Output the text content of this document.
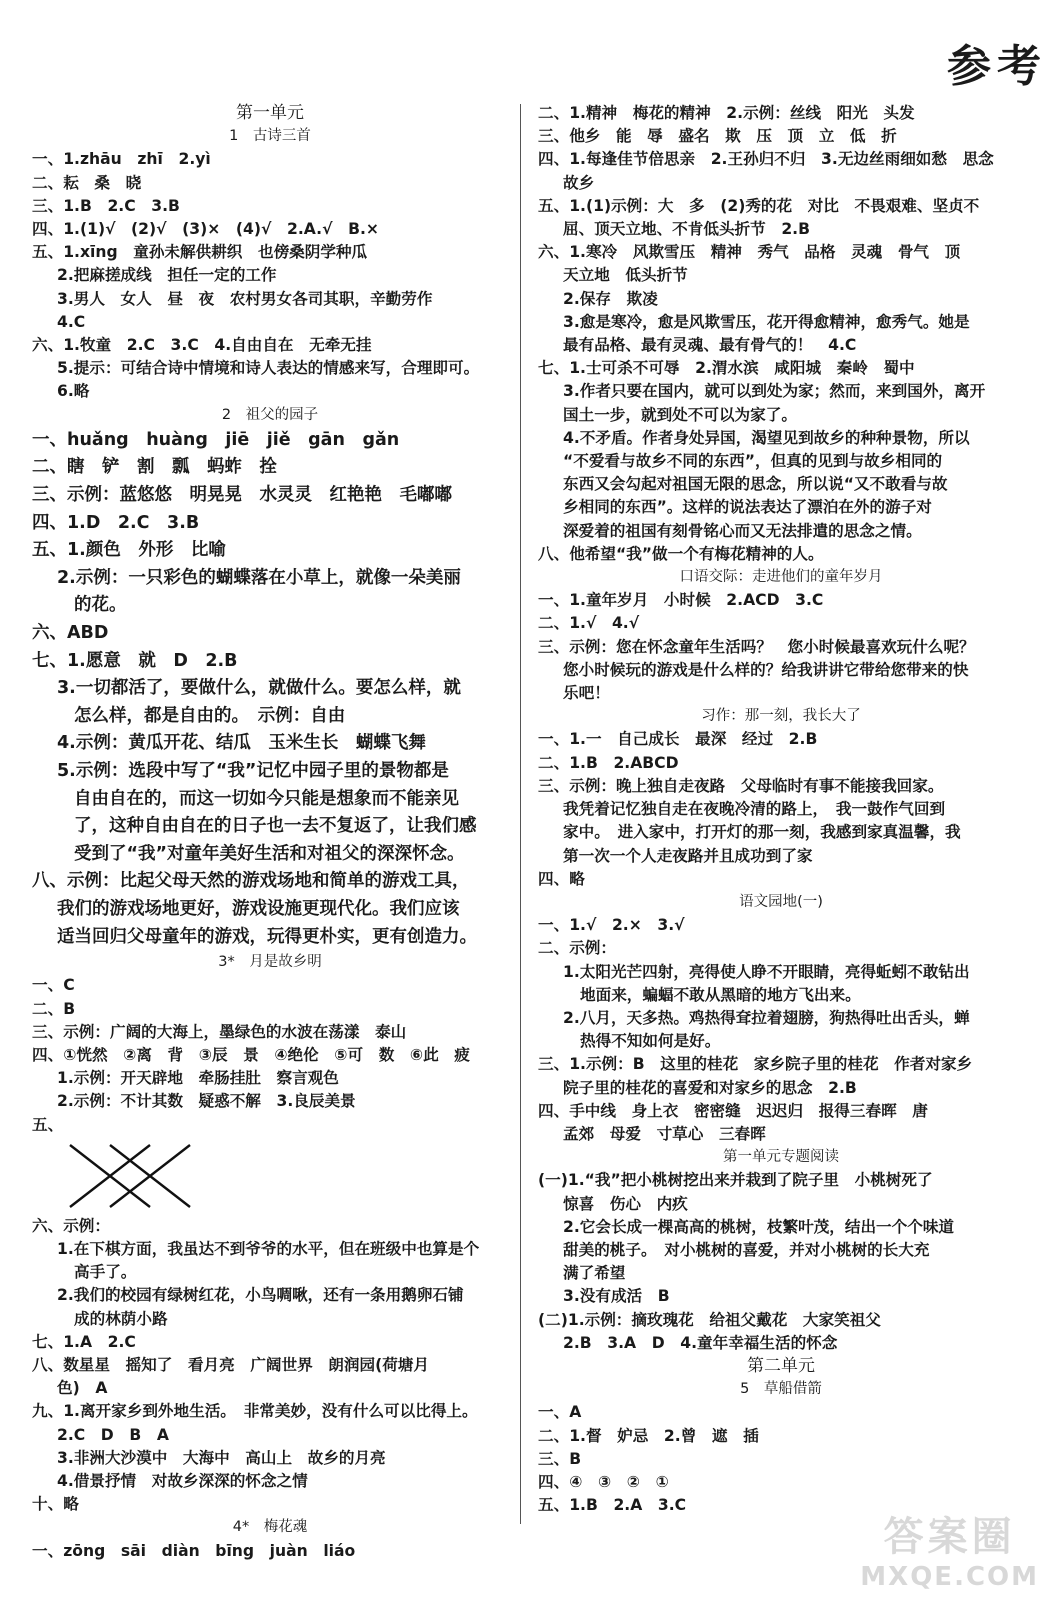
参考
第一单元
1　古诗三首
一、1.zhāu　zhī　2.yì
二、耘　桑　晓
三、1.B　2.C　3.B
四、1.(1)√　(2)√　(3)×　(4)√　2.A.√　B.×
五、1.xīng　童孙未解供耕织　也傍桑阴学种瓜
2.把麻搓成线　担任一定的工作
3.男人　女人　昼　夜　农村男女各司其职，辛勤劳作
4.C
六、1.牧童　2.C　3.C　4.自由自在　无牵无挂
5.提示：可结合诗中情境和诗人表达的情感来写，合理即可。
6.略
2　祖父的园子
一、huǎng　huàng　jiē　jiě　gān　gǎn
二、瞎　铲　割　瓢　蚂蚱　拴
三、示例：蓝悠悠　明晃晃　水灵灵　红艳艳　毛嘟嘟
四、1.D　2.C　3.B
五、1.颜色　外形　比喻
2.示例：一只彩色的蝴蝶落在小草上，就像一朵美丽
的花。
六、ABD
七、1.愿意　就　D　2.B
3.一切都活了，要做什么，就做什么。要怎么样，就
怎么样，都是自由的。　示例：自由
4.示例：黄瓜开花、结瓜　玉米生长　蝴蝶飞舞
5.示例：选段中写了“我”记忆中园子里的景物都是
自由自在的，而这一切如今只能是想象而不能亲见
了，这种自由自在的日子也一去不复返了，让我们感
受到了“我”对童年美好生活和对祖父的深深怀念。
八、示例：比起父母天然的游戏场地和简单的游戏工具，
我们的游戏场地更好，游戏设施更现代化。我们应该
适当回归父母童年的游戏，玩得更朴实，更有创造力。
3*　月是故乡明
一、C
二、B
三、示例：广阔的大海上，墨绿色的水波在荡漾　泰山
四、①恍然　②离　背　③辰　景　④绝伦　⑤可　数　⑥此　疲
1.示例：开天辟地　牵肠挂肚　察言观色
2.示例：不计其数　疑惑不解　3.良辰美景
五、
六、示例：
1.在下棋方面，我虽达不到爷爷的水平，但在班级中也算是个
高手了。
2.我们的校园有绿树红花，小鸟啁啾，还有一条用鹅卵石铺
成的林荫小路
七、1.A　2.C
八、数星星　摇知了　看月亮　广阔世界　朗润园(荷塘月
色)　A
九、1.离开家乡到外地生活。　非常美妙，没有什么可以比得上。
2.C　D　B　A
3.非洲大沙漠中　大海中　高山上　故乡的月亮
4.借景抒情　对故乡深深的怀念之情
十、略
4*　梅花魂
一、zōng　sāi　diàn　bīng　juàn　liáo
二、1.精神　梅花的精神　2.示例：丝线　阳光　头发
三、他乡　能　辱　盛名　欺　压　顶　立　低　折
四、1.每逢佳节倍思亲　2.王孙归不归　3.无边丝雨细如愁　思念
故乡
五、1.(1)示例：大　多　(2)秀的花　对比　不畏艰难、坚贞不
屈、顶天立地、不肯低头折节　2.B
六、1.寒冷　风欺雪压　精神　秀气　品格　灵魂　骨气　顶
天立地　低头折节
2.保存　欺凌
3.愈是寒冷，愈是风欺雪压，花开得愈精神，愈秀气。她是
最有品格、最有灵魂、最有骨气的！　4.C
七、1.士可杀不可辱　2.渭水滨　咸阳城　秦岭　蜀中
3.作者只要在国内，就可以到处为家；然而，来到国外，离开
国土一步，就到处不可以为家了。
4.不矛盾。作者身处异国，渴望见到故乡的种种景物，所以
“不爱看与故乡不同的东西”，但真的见到与故乡相同的
东西又会勾起对祖国无限的思念，所以说“又不敢看与故
乡相同的东西”。这样的说法表达了漂泊在外的游子对
深爱着的祖国有刻骨铭心而又无法排遣的思念之情。
八、他希望“我”做一个有梅花精神的人。
口语交际：走进他们的童年岁月
一、1.童年岁月　小时候　2.ACD　3.C
二、1.√　4.√
三、示例：您在怀念童年生活吗？　您小时候最喜欢玩什么呢？
您小时候玩的游戏是什么样的？给我讲讲它带给您带来的快
乐吧！
习作：那一刻，我长大了
一、1.一　自己成长　最深　经过　2.B
二、1.B　2.ABCD
三、示例：晚上独自走夜路　父母临时有事不能接我回家。
我凭着记忆独自走在夜晚冷清的路上，　我一鼓作气回到
家中。　进入家中，打开灯的那一刻，我感到家真温馨，我
第一次一个人走夜路并且成功到了家
四、略
语文园地(一)
一、1.√　2.×　3.√
二、示例：
1.太阳光芒四射，亮得使人睁不开眼睛，亮得蚯蚓不敢钻出
地面来，蝙蝠不敢从黑暗的地方飞出来。
2.八月，天多热。鸡热得耷拉着翅膀，狗热得吐出舌头，蝉
热得不知如何是好。
三、1.示例：B　这里的桂花　家乡院子里的桂花　作者对家乡
院子里的桂花的喜爱和对家乡的思念　2.B
四、手中线　身上衣　密密缝　迟迟归　报得三春晖　唐
孟郊　母爱　寸草心　三春晖
第一单元专题阅读
(一)1.“我”把小桃树挖出来并栽到了院子里　小桃树死了
惊喜　伤心　内疚
2.它会长成一棵高高的桃树，枝繁叶茂，结出一个个味道
甜美的桃子。　对小桃树的喜爱，并对小桃树的长大充
满了希望
3.没有成活　B
(二)1.示例：摘玫瑰花　给祖父戴花　大家笑祖父
2.B　3.A　D　4.童年幸福生活的怀念
第二单元
5　草船借箭
一、A
二、1.督　妒忌　2.曾　遮　插
三、B
四、④　③　②　①
五、1.B　2.A　3.C
答案圈
MXQE.COM
